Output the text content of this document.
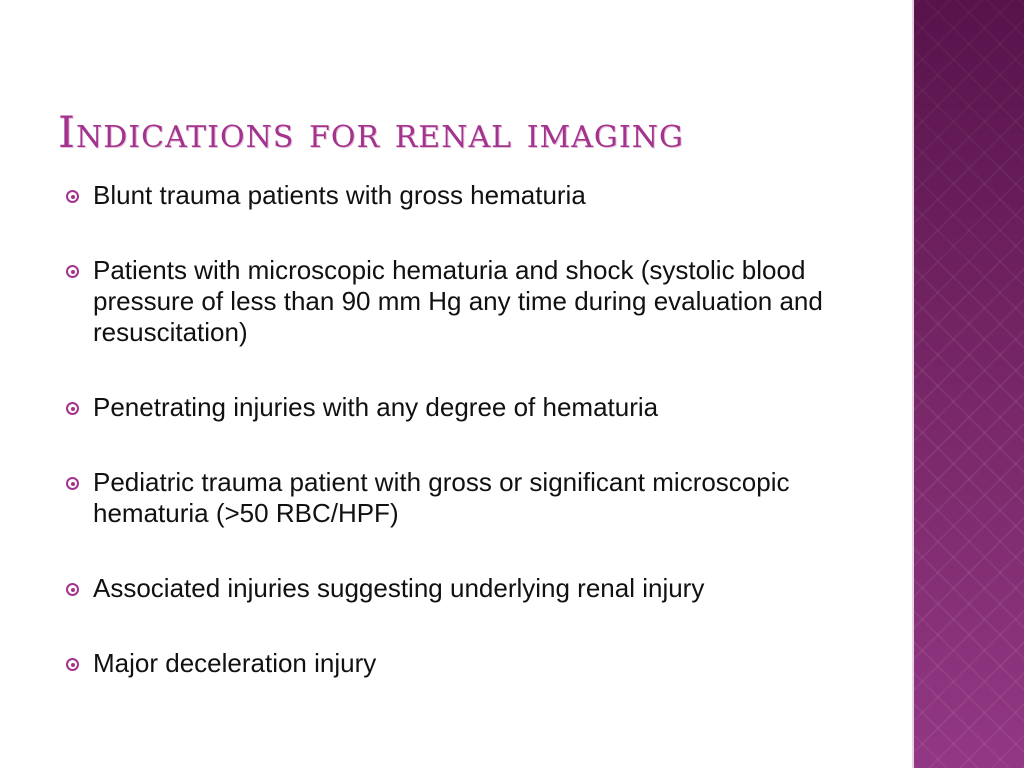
Indications for renal imaging
Blunt trauma patients with gross hematuria
Patients with microscopic hematuria and shock (systolic blood pressure of less than 90 mm Hg any time during evaluation and resuscitation)
Penetrating injuries with any degree of hematuria
Pediatric trauma patient with gross or significant microscopic hematuria (>50 RBC/HPF)
Associated injuries suggesting underlying renal injury
Major deceleration injury
